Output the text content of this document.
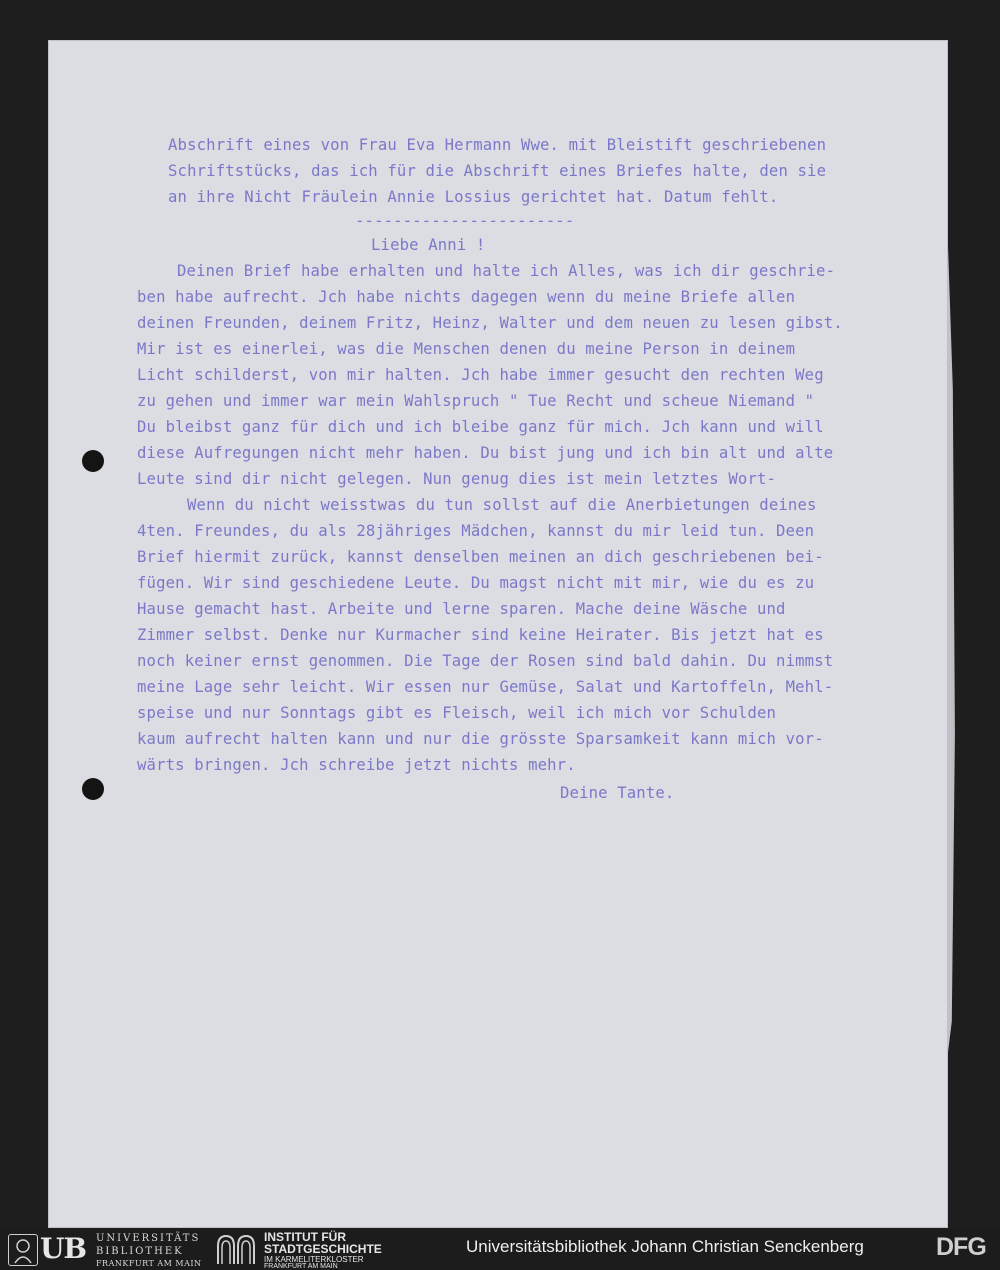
Abschrift eines von Frau Eva Hermann Wwe. mit Bleistift geschriebenen

Schriftstücks, das ich für die Abschrift eines Briefes halte, den sie

an ihre Nicht Fräulein Annie Lossius gerichtet hat. Datum fehlt.

-----------------------

Liebe Anni !

Deinen Brief habe erhalten und halte ich Alles, was ich dir geschrie-

ben habe aufrecht. Jch habe nichts dagegen wenn du meine Briefe allen

deinen Freunden, deinem Fritz, Heinz, Walter und dem neuen zu lesen gibst.

Mir ist es einerlei, was die Menschen denen du meine Person in deinem

Licht schilderst, von mir halten. Jch habe immer gesucht den rechten Weg

zu gehen und immer war mein Wahlspruch " Tue Recht und scheue Niemand "

Du bleibst ganz für dich und ich bleibe ganz für mich. Jch kann und will

diese Aufregungen nicht mehr haben. Du bist jung und ich bin alt und alte

Leute sind dir nicht gelegen. Nun genug dies ist mein letztes Wort-

Wenn du nicht weisstwas du tun sollst auf die Anerbietungen deines

4ten. Freundes, du als 28jähriges Mädchen, kannst du mir leid tun. Deen

Brief hiermit zurück, kannst denselben meinen an dich geschriebenen bei-

fügen. Wir sind geschiedene Leute. Du magst nicht mit mir, wie du es zu

Hause gemacht hast. Arbeite und lerne sparen. Mache deine Wäsche und

Zimmer selbst. Denke nur Kurmacher sind keine Heirater. Bis jetzt hat es

noch keiner ernst genommen. Die Tage der Rosen sind bald dahin. Du nimmst

meine Lage sehr leicht. Wir essen nur Gemüse, Salat und Kartoffeln, Mehl-

speise und nur Sonntags gibt es Fleisch, weil ich mich vor Schulden

kaum aufrecht halten kann und nur die grösste Sparsamkeit kann mich vor-

wärts bringen. Jch schreibe jetzt nichts mehr.

Deine Tante.

UB UNIVERSITÄTS
BIBLIOTHEK
FRANKFURT AM MAIN
INSTITUT FÜR
STADTGESCHICHTE
IM KARMELITERKLOSTER
FRANKFURT AM MAIN
Universitätsbibliothek Johann Christian Senckenberg	DFG
